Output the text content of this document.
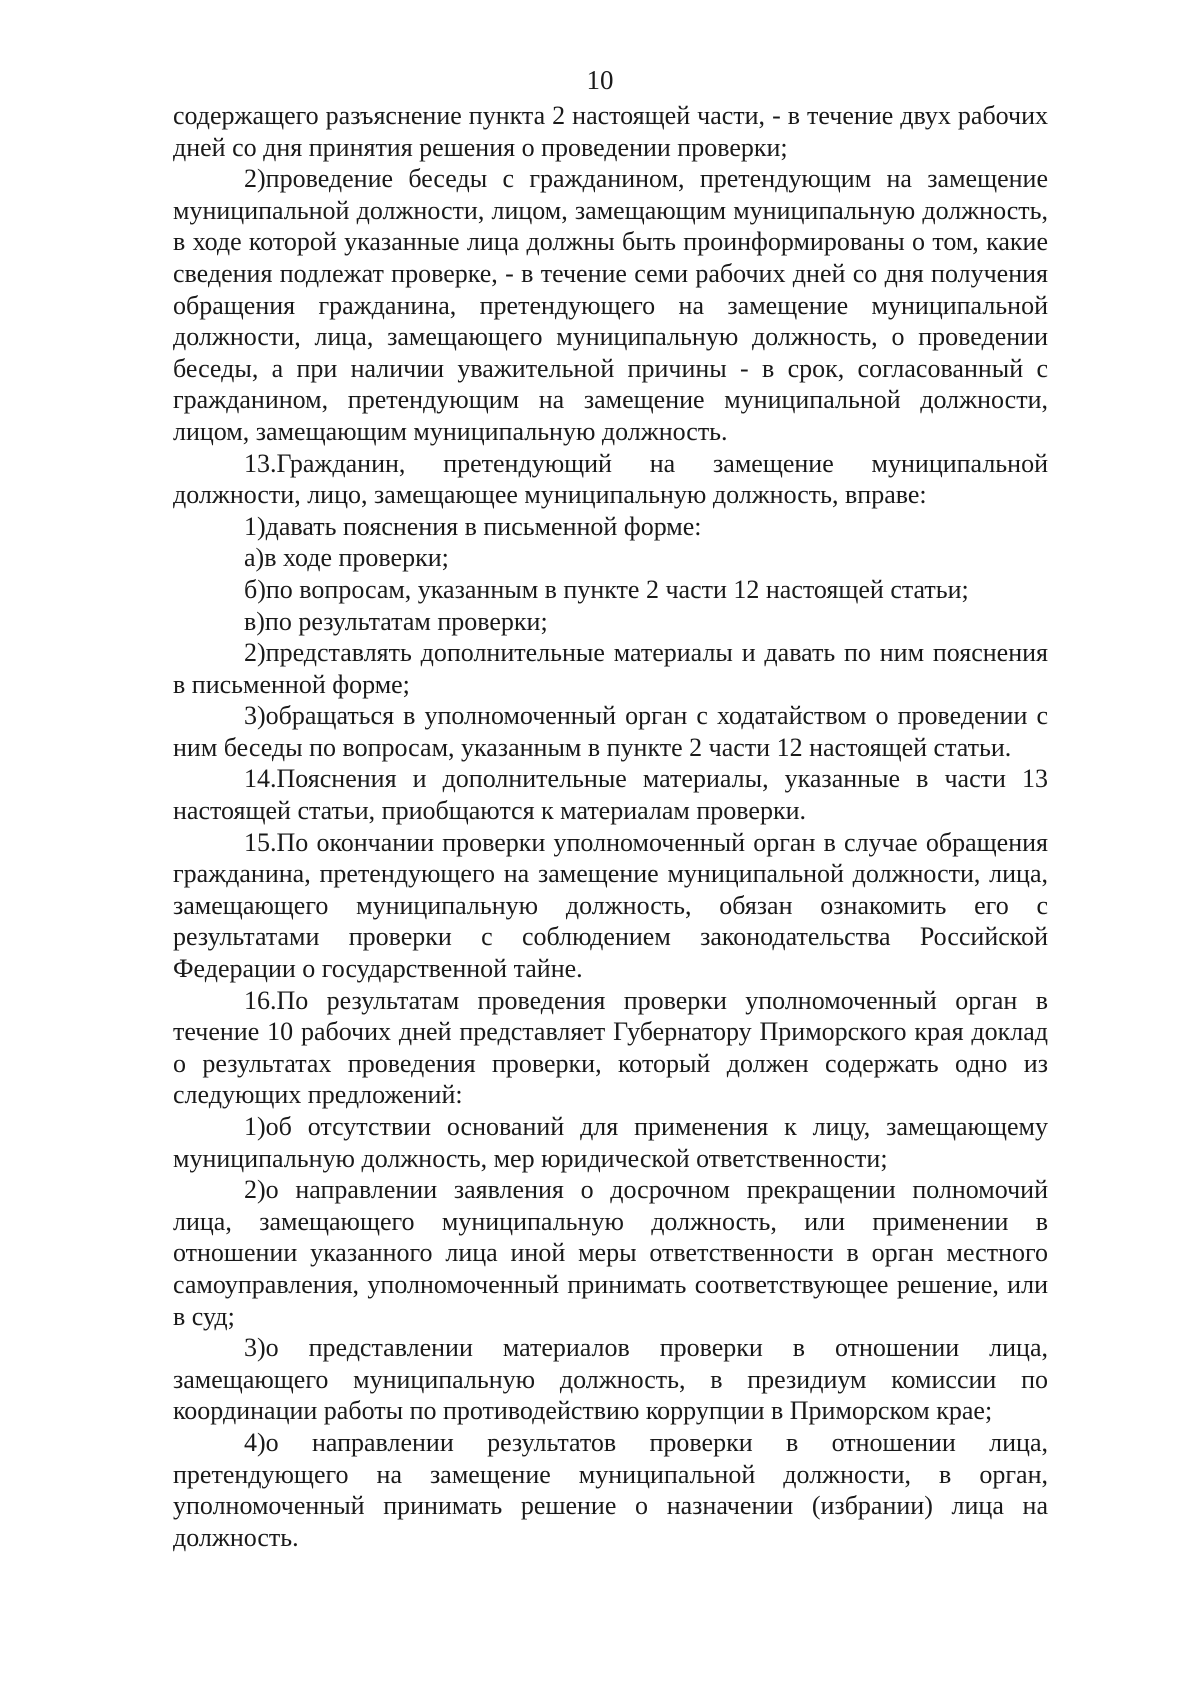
10

содержащего разъяснение пункта 2 настоящей части, - в течение двух рабочих дней со дня принятия решения о проведении проверки;

2)проведение беседы с гражданином, претендующим на замещение муниципальной должности, лицом, замещающим муниципальную должность, в ходе которой указанные лица должны быть проинформированы о том, какие сведения подлежат проверке, - в течение семи рабочих дней со дня получения обращения гражданина, претендующего на замещение муниципальной должности, лица, замещающего муниципальную должность, о проведении беседы, а при наличии уважительной причины - в срок, согласованный с гражданином, претендующим на замещение муниципальной должности, лицом, замещающим муниципальную должность.

13.Гражданин, претендующий на замещение муниципальной должности, лицо, замещающее муниципальную должность, вправе:

1)давать пояснения в письменной форме:

а)в ходе проверки;

б)по вопросам, указанным в пункте 2 части 12 настоящей статьи;

в)по результатам проверки;

2)представлять дополнительные материалы и давать по ним пояснения в письменной форме;

3)обращаться в уполномоченный орган с ходатайством о проведении с ним беседы по вопросам, указанным в пункте 2 части 12 настоящей статьи.

14.Пояснения и дополнительные материалы, указанные в части 13 настоящей статьи, приобщаются к материалам проверки.

15.По окончании проверки уполномоченный орган в случае обращения гражданина, претендующего на замещение муниципальной должности, лица, замещающего муниципальную должность, обязан ознакомить его с результатами проверки с соблюдением законодательства Российской Федерации о государственной тайне.

16.По результатам проведения проверки уполномоченный орган в течение 10 рабочих дней представляет Губернатору Приморского края доклад о результатах проведения проверки, который должен содержать одно из следующих предложений:

1)об отсутствии оснований для применения к лицу, замещающему муниципальную должность, мер юридической ответственности;

2)о направлении заявления о досрочном прекращении полномочий лица, замещающего муниципальную должность, или применении в отношении указанного лица иной меры ответственности в орган местного самоуправления, уполномоченный принимать соответствующее решение, или в суд;

3)о представлении материалов проверки в отношении лица, замещающего муниципальную должность, в президиум комиссии по координации работы по противодействию коррупции в Приморском крае;

4)о направлении результатов проверки в отношении лица, претендующего на замещение муниципальной должности, в орган, уполномоченный принимать решение о назначении (избрании) лица на должность.
